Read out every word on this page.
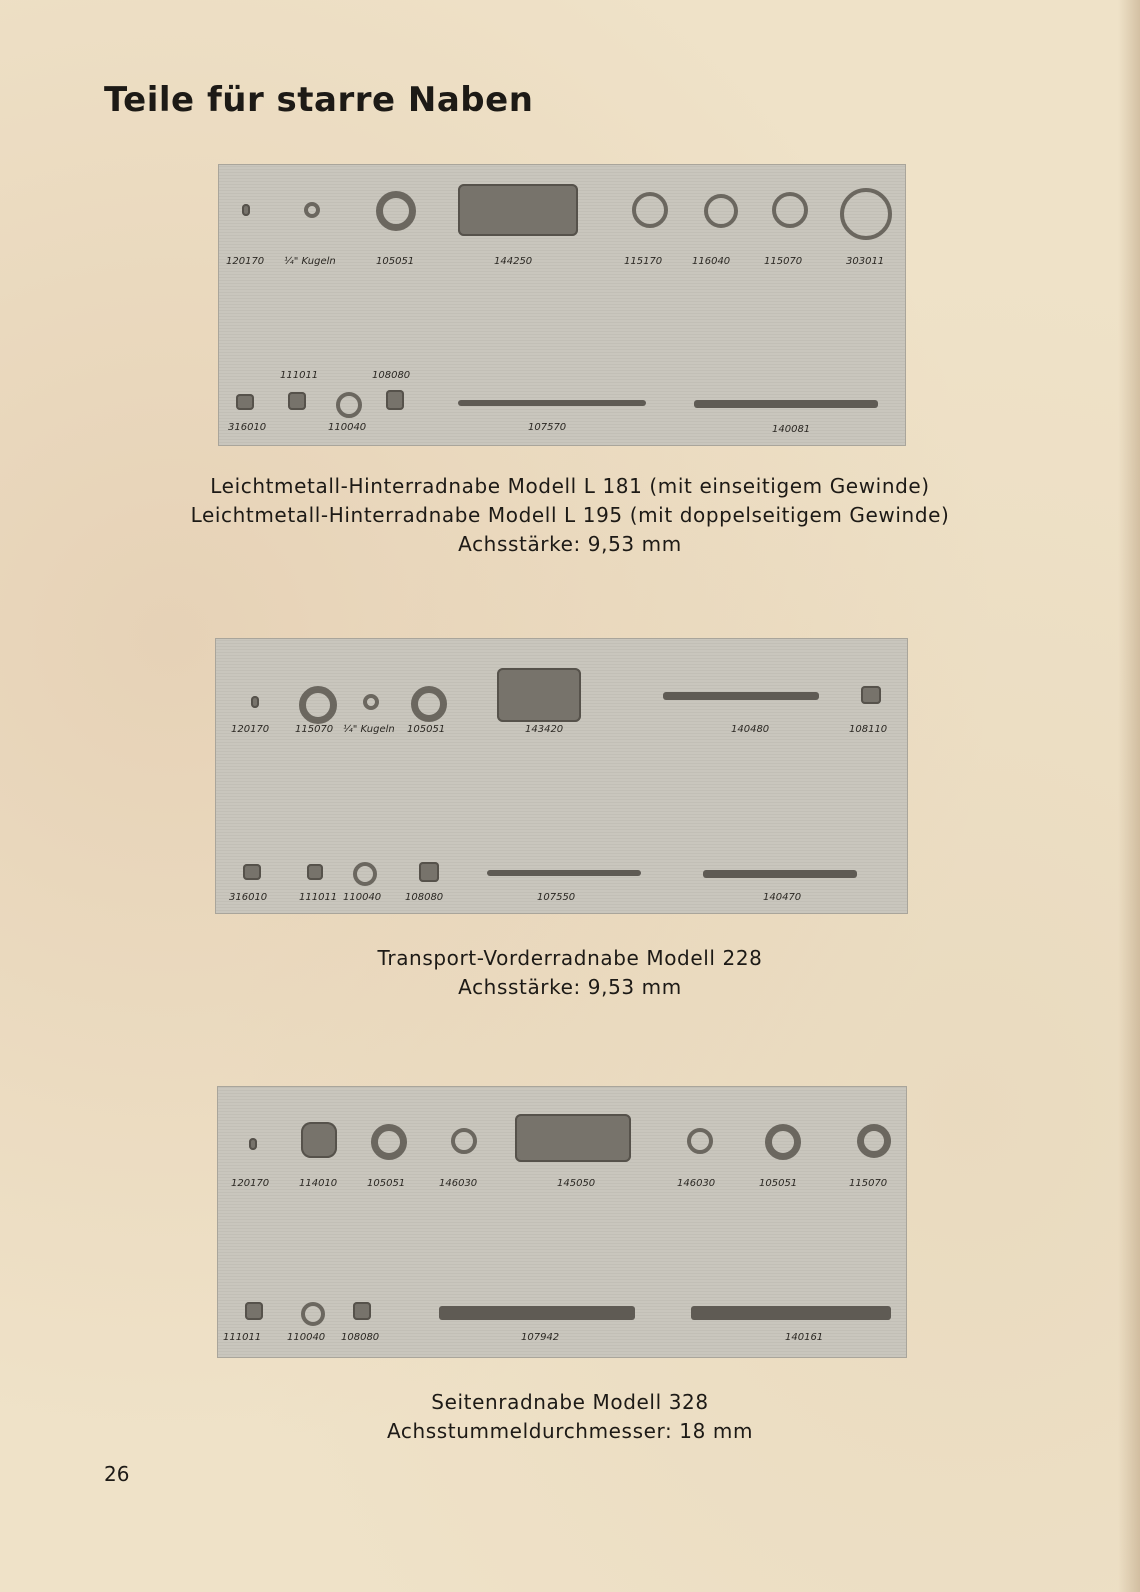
Teile für starre Naben
120170 ¼" Kugeln	105051	144250	115170	116040	115070	303011
111011	108080
316010	110040	107570	140081
Leichtmetall-Hinterradnabe Modell L 181 (mit einseitigem Gewinde)
Leichtmetall-Hinterradnabe Modell L 195 (mit doppelseitigem Gewinde)
Achsstärke: 9,53 mm
120170	115070 ¼" Kugeln 105051	143420	140480	108110
316010	111011 110040 108080	107550	140470
Transport-Vorderradnabe Modell 228
Achsstärke: 9,53 mm
120170	114010	105051	146030	145050	146030	105051	115070
111011	110040 108080	107942	140161
Seitenradnabe Modell 328
Achsstummeldurchmesser: 18 mm
26
